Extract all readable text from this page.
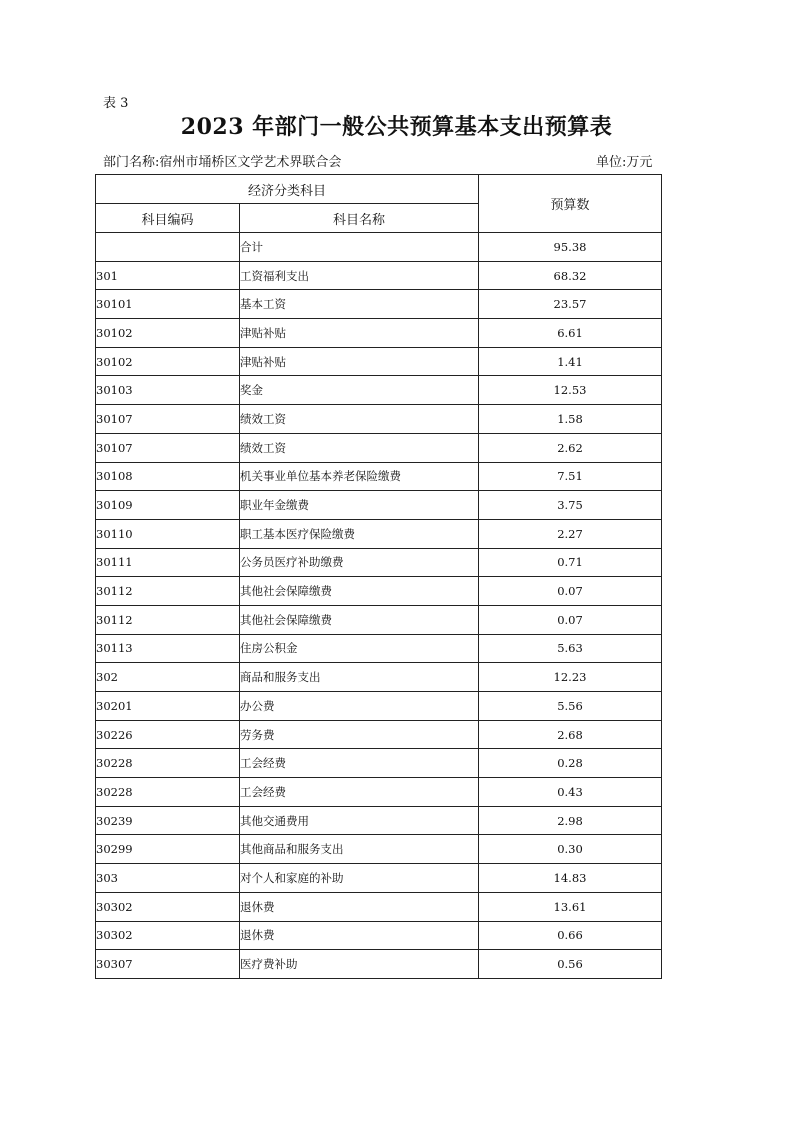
表 3
2023 年部门一般公共预算基本支出预算表
部门名称:宿州市埇桥区文学艺术界联合会	单位:万元
经济分类科目		预算数
科目编码	科目名称	
	合计	95.38
301	工资福利支出	68.32
30101	基本工资	23.57
30102	津贴补贴	6.61
30102	津贴补贴	1.41
30103	奖金	12.53
30107	绩效工资	1.58
30107	绩效工资	2.62
30108	机关事业单位基本养老保险缴费	7.51
30109	职业年金缴费	3.75
30110	职工基本医疗保险缴费	2.27
30111	公务员医疗补助缴费	0.71
30112	其他社会保障缴费	0.07
30112	其他社会保障缴费	0.07
30113	住房公积金	5.63
302	商品和服务支出	12.23
30201	办公费	5.56
30226	劳务费	2.68
30228	工会经费	0.28
30228	工会经费	0.43
30239	其他交通费用	2.98
30299	其他商品和服务支出	0.30
303	对个人和家庭的补助	14.83
30302	退休费	13.61
30302	退休费	0.66
30307	医疗费补助	0.56
